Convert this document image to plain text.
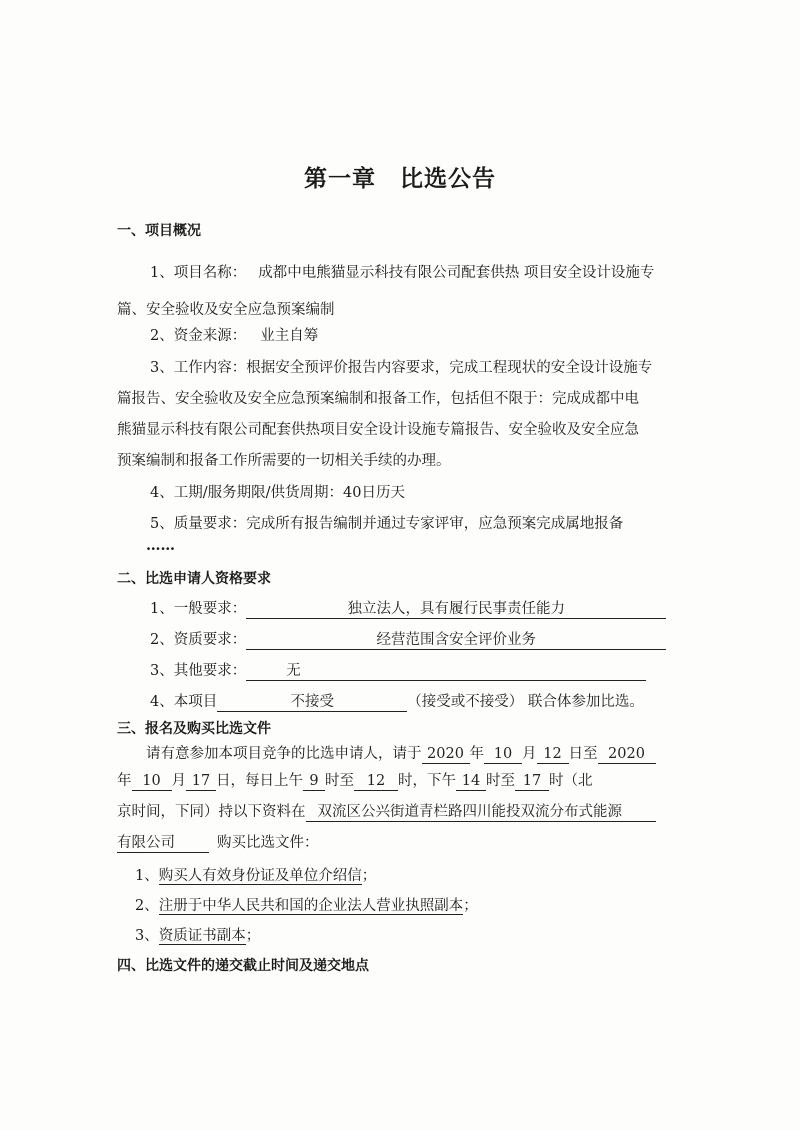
第一章　比选公告
一、项目概况
1、项目名称： 成都中电熊猫显示科技有限公司配套供热 项目安全设计设施专
篇、安全验收及安全应急预案编制
2、资金来源： 业主自筹
3、工作内容：根据安全预评价报告内容要求，完成工程现状的安全设计设施专
篇报告、安全验收及安全应急预案编制和报备工作，包括但不限于：完成成都中电
熊猫显示科技有限公司配套供热项目安全设计设施专篇报告、安全验收及安全应急
预案编制和报备工作所需要的一切相关手续的办理。
4、工期/服务期限/供货周期：40日历天
5、质量要求：完成所有报告编制并通过专家评审，应急预案完成属地报备
……
二、比选申请人资格要求
1、一般要求：	独立法人，具有履行民事责任能力
2、资质要求：	经营范围含安全评价业务
3、其他要求：	无
4、本项目	不接受	（接受或不接受） 联合体参加比选。
三、报名及购买比选文件
请有意参加本项目竞争的比选申请人，请于 2020 年 10 月 12 日至 2020
年 10 月 17 日，每日上午 9 时至 12 时，下午 14 时至 17 时（北
京时间，下同）持以下资料在 双流区公兴街道青栏路四川能投双流分布式能源
有限公司	购买比选文件：
1、购买人有效身份证及单位介绍信；
2、注册于中华人民共和国的企业法人营业执照副本；
3、资质证书副本；
四、比选文件的递交截止时间及递交地点
